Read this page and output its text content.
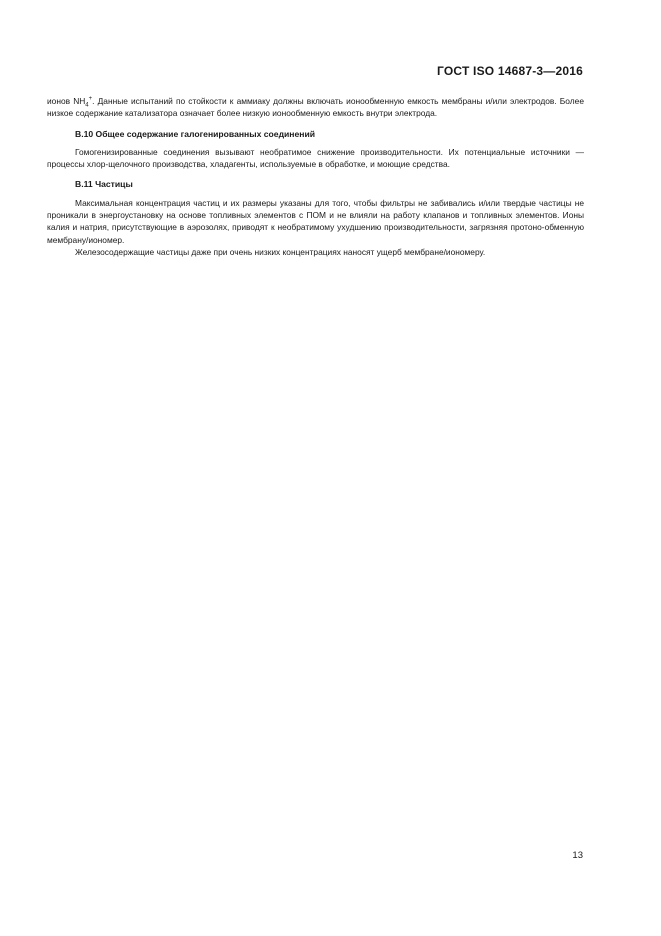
ГОСТ ISO 14687-3—2016

ионов $NH_4^+$. Данные испытаний по стойкости к аммиаку должны включать ионообменную емкость мембраны и/или электродов. Более низкое содержание катализатора означает более низкую ионообменную емкость внутри электрода.

В.10 Общее содержание галогенированных соединений

Гомогенизированные соединения вызывают необратимое снижение производительности. Их потенциальные источники — процессы хлор-щелочного производства, хладагенты, используемые в обработке, и моющие средства.

В.11 Частицы

Максимальная концентрация частиц и их размеры указаны для того, чтобы фильтры не забивались и/или твердые частицы не проникали в энергоустановку на основе топливных элементов с ПОМ и не влияли на работу клапанов и топливных элементов. Ионы калия и натрия, присутствующие в аэрозолях, приводят к необратимому ухудшению производительности, загрязняя протоно-обменную мембрану/иономер.

Железосодержащие частицы даже при очень низких концентрациях наносят ущерб мембране/иономеру.

13
